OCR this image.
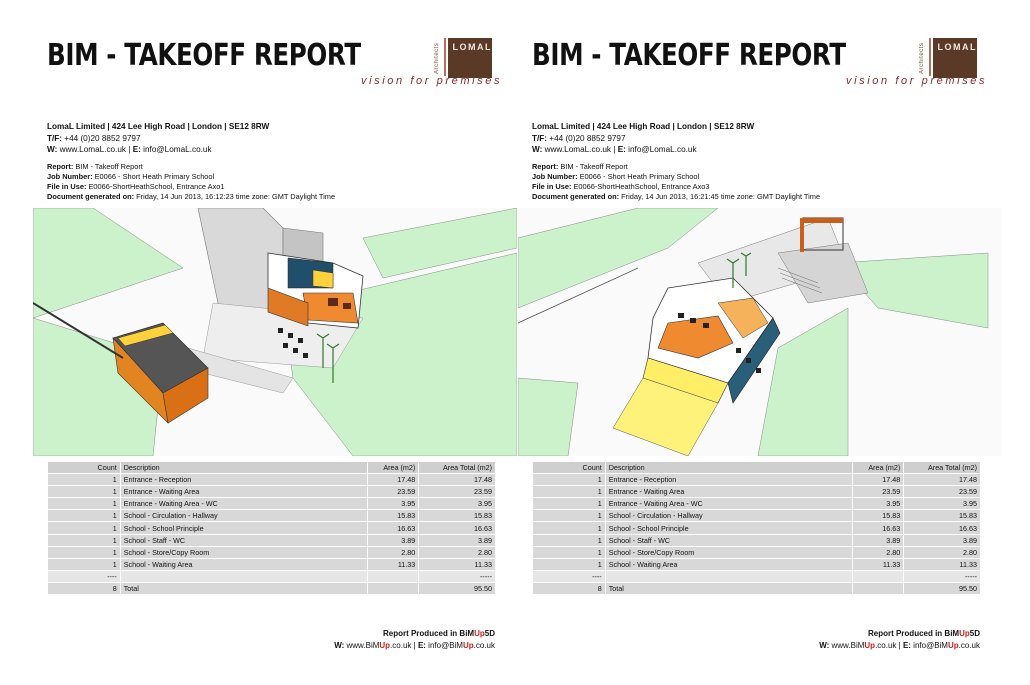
BIM - TAKEOFF REPORT	Architects LOMAL
vision for premises
LomaL Limited | 424 Lee High Road | London | SE12 8RW
T/F: +44 (0)20 8852 9797
W: www.LomaL.co.uk | E: info@LomaL.co.uk
Report: BIM - Takeoff Report
Job Number: E0066 - Short Heath Primary School
File in Use: E0066-ShortHeathSchool, Entrance Axo1
Document generated on: Friday, 14 Jun 2013, 16:12:23 time zone: GMT Daylight Time
Count	Description	Area (m2)	Area Total (m2)
1	Entrance - Reception	17.48	17.48
1	Entrance - Waiting Area	23.59	23.59
1	Entrance - Waiting Area - WC	3.95	3.95
1	School - Circulation - Hallway	15.83	15.83
1	School - School Principle	16.63	16.63
1	School - Staff - WC	3.89	3.89
1	School - Store/Copy Room	2.80	2.80
1	School - Waiting Area	11.33	11.33
----			-----
8	Total		95.50
Report Produced in BiMUp5D
W: www.BiMUp.co.uk | E: info@BiMUp.co.uk
BIM - TAKEOFF REPORT	Architects LOMAL
vision for premises
LomaL Limited | 424 Lee High Road | London | SE12 8RW
T/F: +44 (0)20 8852 9797
W: www.LomaL.co.uk | E: info@LomaL.co.uk
Report: BIM - Takeoff Report
Job Number: E0066 - Short Heath Primary School
File in Use: E0066-ShortHeathSchool, Entrance Axo3
Document generated on: Friday, 14 Jun 2013, 16:21:45 time zone: GMT Daylight Time
Count	Description	Area (m2)	Area Total (m2)
1	Entrance - Reception	17.48	17.48
1	Entrance - Waiting Area	23.59	23.59
1	Entrance - Waiting Area - WC	3.95	3.95
1	School - Circulation - Hallway	15.83	15.83
1	School - School Principle	16.63	16.63
1	School - Staff - WC	3.89	3.89
1	School - Store/Copy Room	2.80	2.80
1	School - Waiting Area	11.33	11.33
----			-----
8	Total		95.50
Report Produced in BiMUp5D
W: www.BiMUp.co.uk | E: info@BiMUp.co.uk
